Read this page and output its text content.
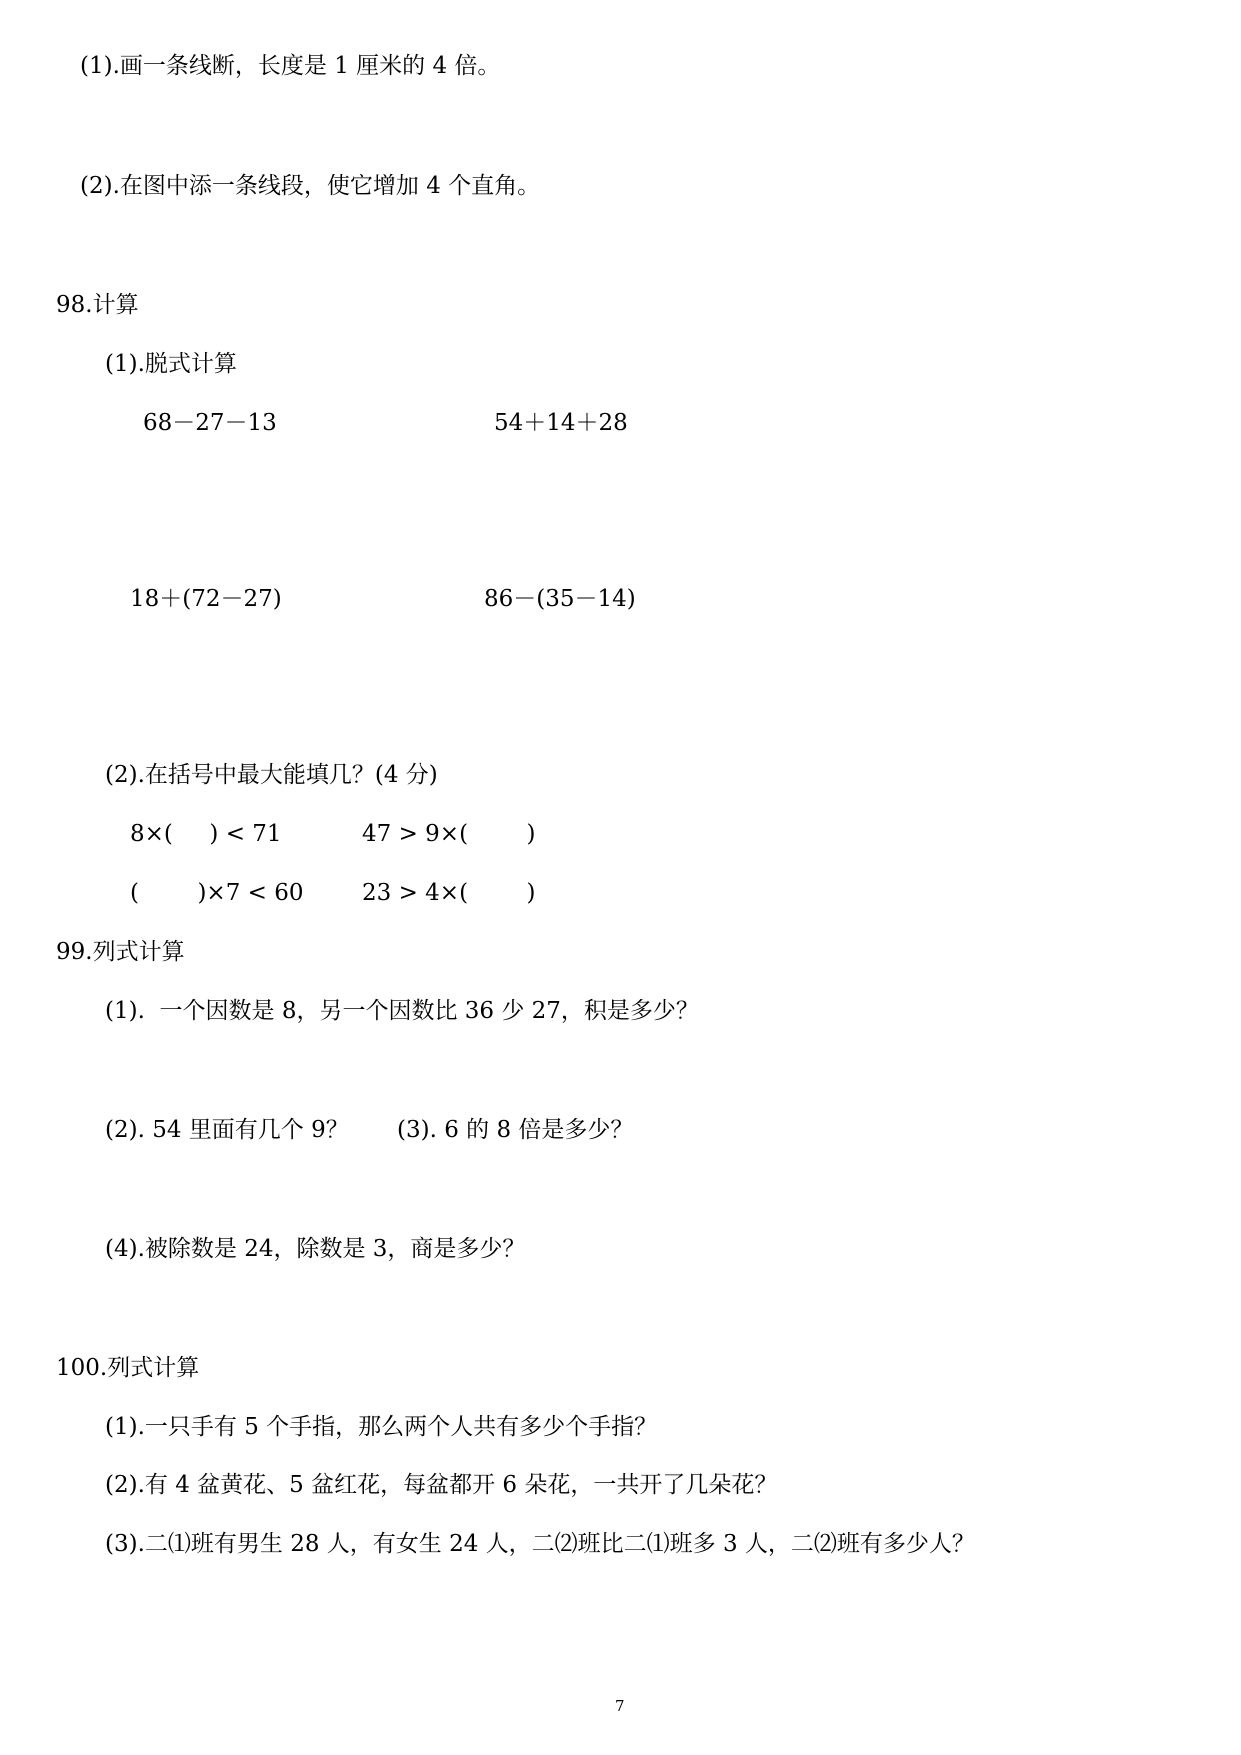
(1).画一条线断，长度是 1 厘米的 4 倍。
(2).在图中添一条线段，使它增加 4 个直角。
98.计算
(1).脱式计算
68－27－13	54＋14＋28
18＋(72－27)	86－(35－14)
(2).在括号中最大能填几？(4 分)
8×(     ) < 71	47 > 9×(        )
(        )×7 < 60	23 > 4×(        )
99.列式计算
(1).  一个因数是 8，另一个因数比 36 少 27，积是多少？
(2). 54 里面有几个 9？ (3). 6 的 8 倍是多少？
(4).被除数是 24，除数是 3，商是多少？
100.列式计算
(1).一只手有 5 个手指，那么两个人共有多少个手指？
(2).有 4 盆黄花、5 盆红花，每盆都开 6 朵花，一共开了几朵花？
(3).二⑴班有男生 28 人，有女生 24 人，二⑵班比二⑴班多 3 人，二⑵班有多少人？
7
